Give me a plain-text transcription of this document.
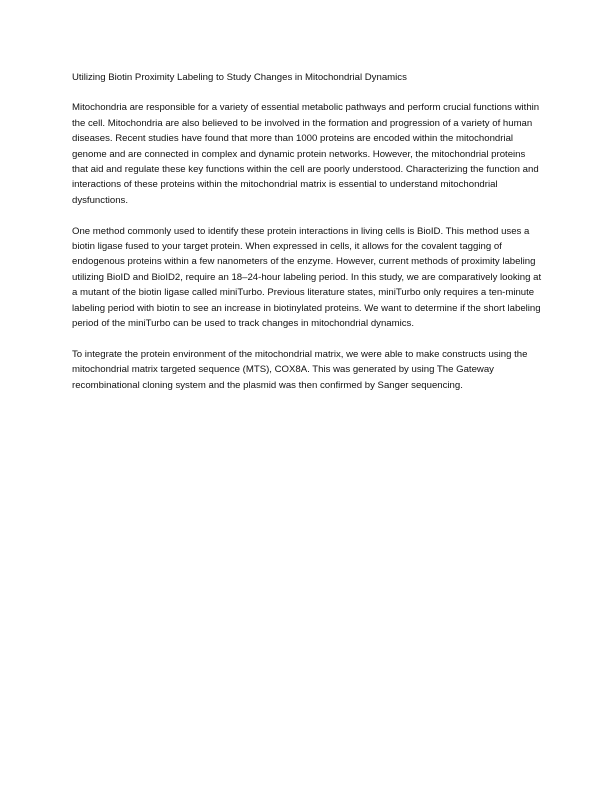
Utilizing Biotin Proximity Labeling to Study Changes in Mitochondrial Dynamics

Mitochondria are responsible for a variety of essential metabolic pathways and perform crucial functions within the cell. Mitochondria are also believed to be involved in the formation and progression of a variety of human diseases. Recent studies have found that more than 1000 proteins are encoded within the mitochondrial genome and are connected in complex and dynamic protein networks. However, the mitochondrial proteins that aid and regulate these key functions within the cell are poorly understood. Characterizing the function and interactions of these proteins within the mitochondrial matrix is essential to understand mitochondrial dysfunctions.

One method commonly used to identify these protein interactions in living cells is BioID. This method uses a biotin ligase fused to your target protein. When expressed in cells, it allows for the covalent tagging of endogenous proteins within a few nanometers of the enzyme. However, current methods of proximity labeling utilizing BioID and BioID2, require an 18–24-hour labeling period. In this study, we are comparatively looking at a mutant of the biotin ligase called miniTurbo. Previous literature states, miniTurbo only requires a ten-minute labeling period with biotin to see an increase in biotinylated proteins. We want to determine if the short labeling period of the miniTurbo can be used to track changes in mitochondrial dynamics.

To integrate the protein environment of the mitochondrial matrix, we were able to make constructs using the mitochondrial matrix targeted sequence (MTS), COX8A. This was generated by using The Gateway recombinational cloning system and the plasmid was then confirmed by Sanger sequencing.
